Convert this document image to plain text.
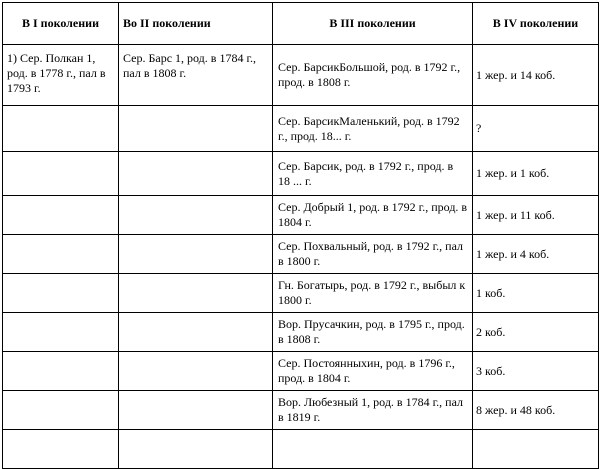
В I поколении	Во II поколении	В III поколении	В IV поколении
1) Сер. Полкан 1, род. в 1778 г., пал в 1793 г.	Сер. Барс 1, род. в 1784 г., пал в 1808 г.	Сер. БарсикБольшой, род. в 1792 г., прод. в 1808 г.	1 жер. и 14 коб.
		Сер. БарсикМаленький, род. в 1792 г., прод. 18... г.	?
		Сер. Барсик, род. в 1792 г., прод. в 18 ... г.	1 жер. и 1 коб.
		Сер. Добрый 1, род. в 1792 г., прод. в 1804 г.	1 жер. и 11 коб.
		Сер. Похвальный, род. в 1792 г., пал в 1800 г.	1 жер. и 4 коб.
		Гн. Богатырь, род. в 1792 г., выбыл к 1800 г.	1 коб.
		Вор. Прусачкин, род. в 1795 г., прод. в 1808 г.	2 коб.
		Сер. Постоянныхин, род. в 1796 г., прод. в 1804 г.	3 коб.
		Вор. Любезный 1, род. в 1784 г., пал в 1819 г.	8 жер. и 48 коб.
